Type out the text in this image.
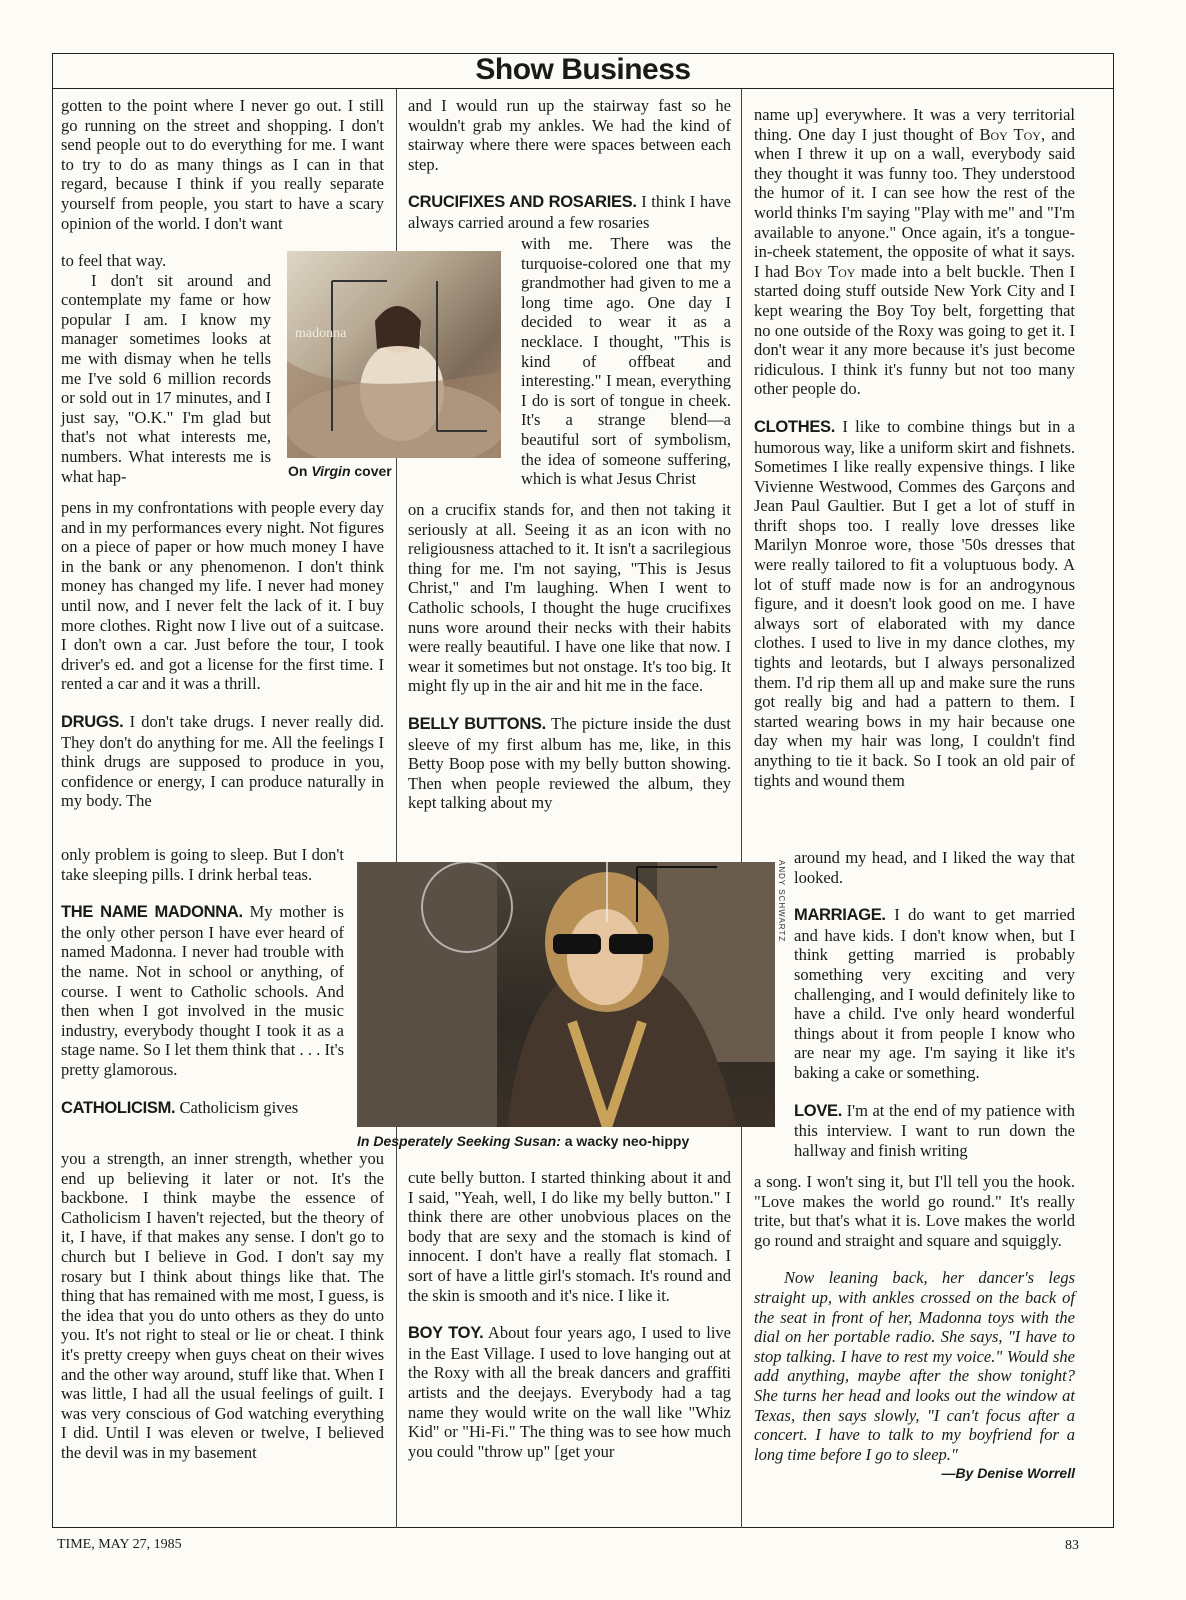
Show Business

gotten to the point where I never go out. I still go running on the street and shopping. I don't send people out to do everything for me. I want to try to do as many things as I can in that regard, because I think if you really separate yourself from people, you start to have a scary opinion of the world. I don't want

to feel that way.

I don't sit around and contemplate my fame or how popular I am. I know my manager sometimes looks at me with dismay when he tells me I've sold 6 million records or sold out in 17 minutes, and I just say, "O.K." I'm glad but that's not what interests me, numbers. What interests me is what hap-

pens in my confrontations with people every day and in my performances every night. Not figures on a piece of paper or how much money I have in the bank or any phenomenon. I don't think money has changed my life. I never had money until now, and I never felt the lack of it. I buy more clothes. Right now I live out of a suitcase. I don't own a car. Just before the tour, I took driver's ed. and got a license for the first time. I rented a car and it was a thrill.

DRUGS. I don't take drugs. I never really did. They don't do anything for me. All the feelings I think drugs are supposed to produce in you, confidence or energy, I can produce naturally in my body. The

only problem is going to sleep. But I don't take sleeping pills. I drink herbal teas.

THE NAME MADONNA. My mother is the only other person I have ever heard of named Madonna. I never had trouble with the name. Not in school or anything, of course. I went to Catholic schools. And then when I got involved in the music industry, everybody thought I took it as a stage name. So I let them think that . . . It's pretty glamorous.

CATHOLICISM. Catholicism gives

you a strength, an inner strength, whether you end up believing it later or not. It's the backbone. I think maybe the essence of Catholicism I haven't rejected, but the theory of it, I have, if that makes any sense. I don't go to church but I believe in God. I don't say my rosary but I think about things like that. The thing that has remained with me most, I guess, is the idea that you do unto others as they do unto you. It's not right to steal or lie or cheat. I think it's pretty creepy when guys cheat on their wives and the other way around, stuff like that. When I was little, I had all the usual feelings of guilt. I was very conscious of God watching everything I did. Until I was eleven or twelve, I believed the devil was in my basement

madonna
On Virgin cover

and I would run up the stairway fast so he wouldn't grab my ankles. We had the kind of stairway where there were spaces between each step.

CRUCIFIXES AND ROSARIES. I think I have always carried around a few rosaries

with me. There was the turquoise-colored one that my grandmother had given to me a long time ago. One day I decided to wear it as a necklace. I thought, "This is kind of offbeat and interesting." I mean, everything I do is sort of tongue in cheek. It's a strange blend—a beautiful sort of symbolism, the idea of someone suffering, which is what Jesus Christ

on a crucifix stands for, and then not taking it seriously at all. Seeing it as an icon with no religiousness attached to it. It isn't a sacrilegious thing for me. I'm not saying, "This is Jesus Christ," and I'm laughing. When I went to Catholic schools, I thought the huge crucifixes nuns wore around their necks with their habits were really beautiful. I have one like that now. I wear it sometimes but not onstage. It's too big. It might fly up in the air and hit me in the face.

BELLY BUTTONS. The picture inside the dust sleeve of my first album has me, like, in this Betty Boop pose with my belly button showing. Then when people reviewed the album, they kept talking about my

cute belly button. I started thinking about it and I said, "Yeah, well, I do like my belly button." I think there are other unobvious places on the body that are sexy and the stomach is kind of innocent. I don't have a really flat stomach. I sort of have a little girl's stomach. It's round and the skin is smooth and it's nice. I like it.

BOY TOY. About four years ago, I used to live in the East Village. I used to love hanging out at the Roxy with all the break dancers and graffiti artists and the deejays. Everybody had a tag name they would write on the wall like "Whiz Kid" or "Hi-Fi." The thing was to see how much you could "throw up" [get your

ANDY SCHWARTZ
In Desperately Seeking Susan: a wacky neo-hippy

name up] everywhere. It was a very territorial thing. One day I just thought of Boy Toy, and when I threw it up on a wall, everybody said they thought it was funny too. They understood the humor of it. I can see how the rest of the world thinks I'm saying "Play with me" and "I'm available to anyone." Once again, it's a tongue-in-cheek statement, the opposite of what it says. I had Boy Toy made into a belt buckle. Then I started doing stuff outside New York City and I kept wearing the Boy Toy belt, forgetting that no one outside of the Roxy was going to get it. I don't wear it any more because it's just become ridiculous. I think it's funny but not too many other people do.

CLOTHES. I like to combine things but in a humorous way, like a uniform skirt and fishnets. Sometimes I like really expensive things. I like Vivienne Westwood, Commes des Garçons and Jean Paul Gaultier. But I get a lot of stuff in thrift shops too. I really love dresses like Marilyn Monroe wore, those '50s dresses that were really tailored to fit a voluptuous body. A lot of stuff made now is for an androgynous figure, and it doesn't look good on me. I have always sort of elaborated with my dance clothes. I used to live in my dance clothes, my tights and leotards, but I always personalized them. I'd rip them all up and make sure the runs got really big and had a pattern to them. I started wearing bows in my hair because one day when my hair was long, I couldn't find anything to tie it back. So I took an old pair of tights and wound them

around my head, and I liked the way that looked.

MARRIAGE. I do want to get married and have kids. I don't know when, but I think getting married is probably something very exciting and very challenging, and I would definitely like to have a child. I've only heard wonderful things about it from people I know who are near my age. I'm saying it like it's baking a cake or something.

LOVE. I'm at the end of my patience with this interview. I want to run down the hallway and finish writing

a song. I won't sing it, but I'll tell you the hook. "Love makes the world go round." It's really trite, but that's what it is. Love makes the world go round and straight and square and squiggly.

Now leaning back, her dancer's legs straight up, with ankles crossed on the back of the seat in front of her, Madonna toys with the dial on her portable radio. She says, "I have to stop talking. I have to rest my voice." Would she add anything, maybe after the show tonight? She turns her head and looks out the window at Texas, then says slowly, "I can't focus after a concert. I have to talk to my boyfriend for a long time before I go to sleep."

—By Denise Worrell
TIME, MAY 27, 1985	83
